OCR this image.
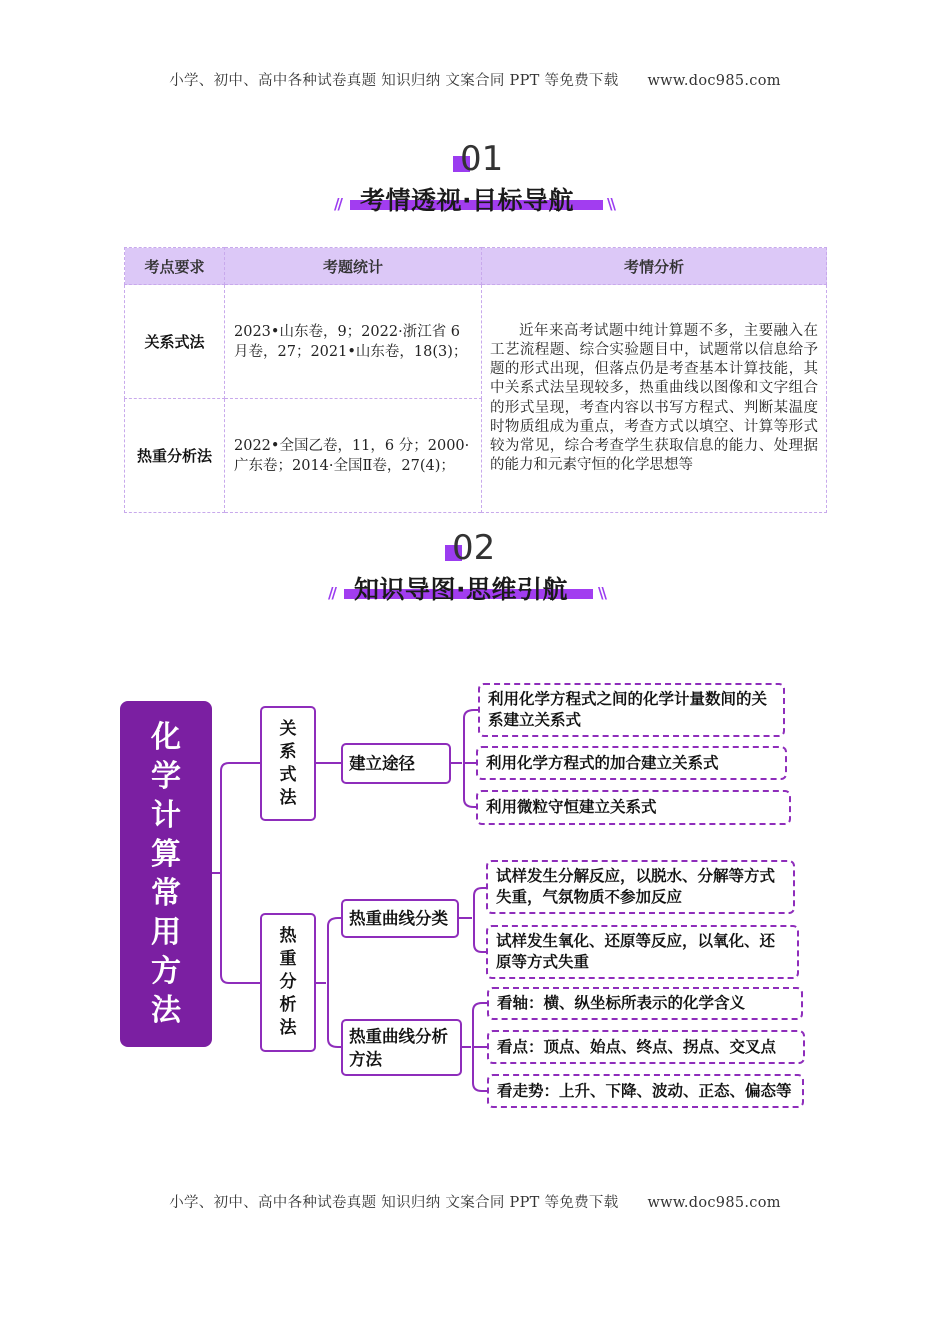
小学、初中、高中各种试卷真题 知识归纳 文案合同 PPT 等免费下载 www.doc985.com
01
考情透视·目标导航
//	\\
考点要求	考题统计	考情分析
关系式法	2023•山东卷，9；2022·浙江省 6 月卷，27；2021•山东卷，18(3)；	近年来高考试题中纯计算题不多，主要融入在工艺流程题、综合实验题目中，试题常以信息给予题的形式出现，但落点仍是考查基本计算技能，其中关系式法呈现较多，热重曲线以图像和文字组合的形式呈现，考查内容以书写方程式、判断某温度时物质组成为重点，考查方式以填空、计算等形式较为常见，综合考查学生获取信息的能力、处理据的能力和元素守恒的化学思想等
热重分析法	2022•全国乙卷，11，6 分；2000·广东卷；2014·全国Ⅱ卷，27(4)；	
02
知识导图·思维引航
//	\\
化
学
计
算
常
用
方
法
关
系
式
法
热
重
分
析
法
建立途径
热重曲线分类
热重曲线分析方法
利用化学方程式之间的化学计量数间的关系建立关系式
利用化学方程式的加合建立关系式
利用微粒守恒建立关系式
试样发生分解反应，以脱水、分解等方式失重，气氛物质不参加反应
试样发生氧化、还原等反应，以氧化、还原等方式失重
看轴：横、纵坐标所表示的化学含义
看点：顶点、始点、终点、拐点、交叉点
看走势：上升、下降、波动、正态、偏态等
小学、初中、高中各种试卷真题 知识归纳 文案合同 PPT 等免费下载 www.doc985.com
